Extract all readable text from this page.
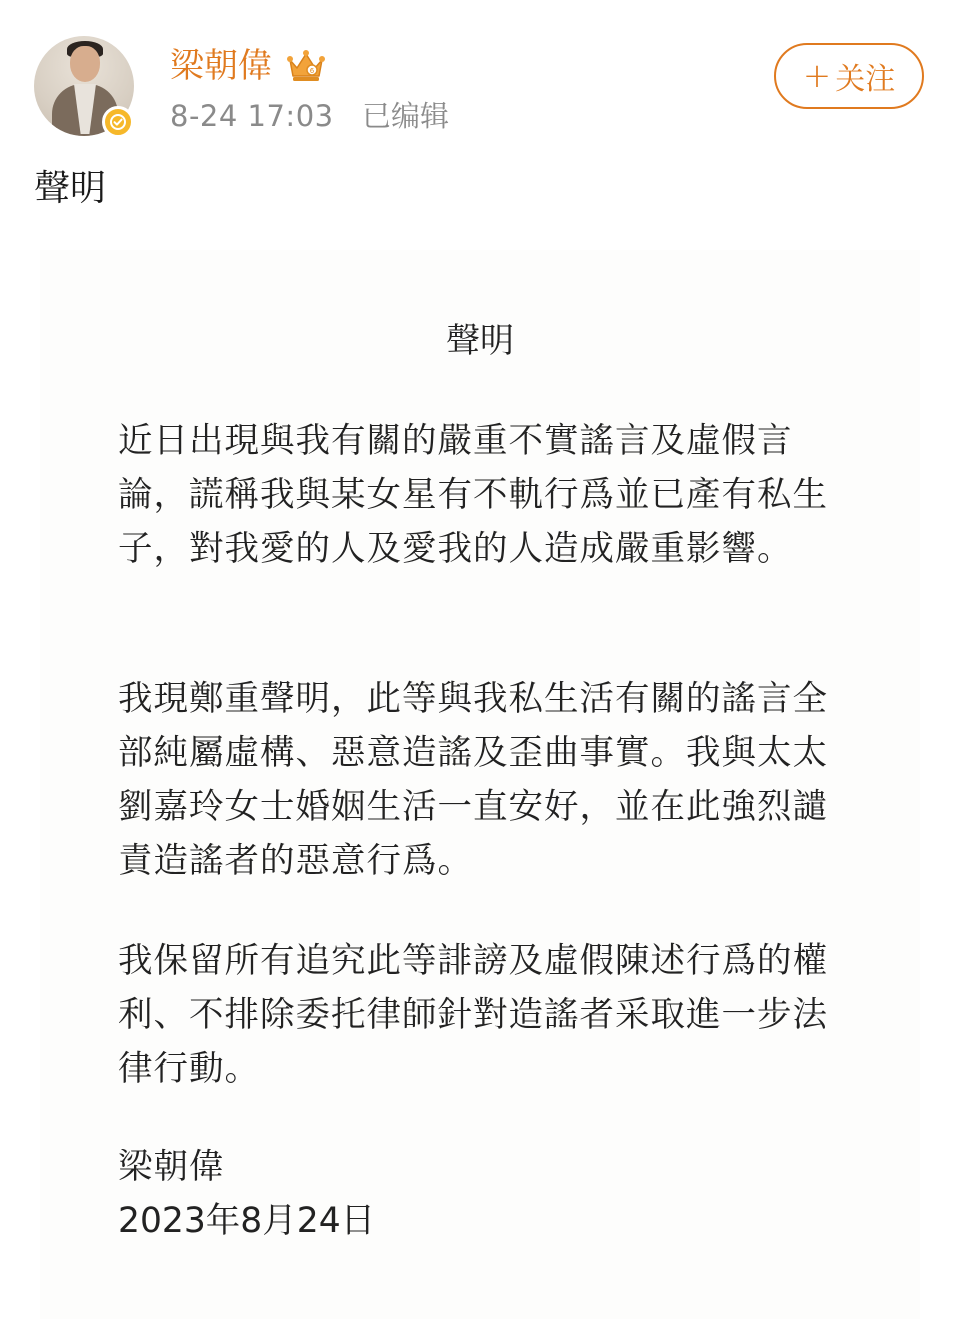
梁朝偉	6
8-24 17:03 已编辑
+ 关注
聲明
聲明
近日出現與我有關的嚴重不實謠言及虛假言論，謊稱我與某女星有不軌行爲並已產有私生子，對我愛的人及愛我的人造成嚴重影響。
我現鄭重聲明，此等與我私生活有關的謠言全部純屬虛構、惡意造謠及歪曲事實。我與太太劉嘉玲女士婚姻生活一直安好，並在此強烈譴責造謠者的惡意行爲。
我保留所有追究此等誹謗及虛假陳述行爲的權利、不排除委托律師針對造謠者采取進一步法律行動。
梁朝偉
2023年8月24日
